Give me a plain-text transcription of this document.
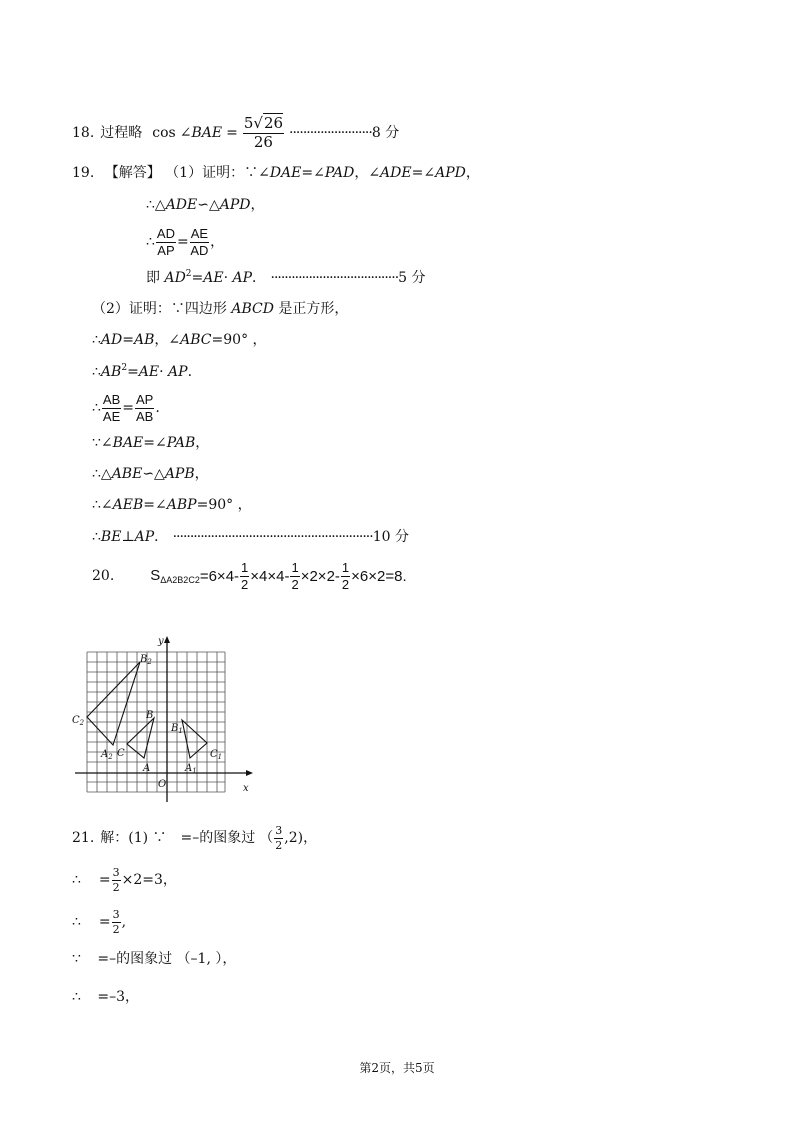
18. 过程略 cos ∠ BAE = $\frac{5√26}{26}$ ························ 8 分
19. 【解答】 （1）证明：∵∠DAE=∠PAD，∠ADE=∠APD，
∴△ADE∽△APD，
∴ $\frac{AD}{AP} = \frac{AE}{AD}$ ，
即 $AD^2=AE\cdot$ AP． ·····································5 分
（2）证明：∵四边形 ABCD 是正方形，
∴AD=AB，∠ABC=90° ，
$\therefore AB^2=AE\cdot$ AP.
∴ $\frac{AB}{AE} = \frac{AP}{AB}$ .
∵∠BAE=∠PAB，
∴△ABE∽△APB，
∴∠AEB=∠ABP=90° ，
∴BE⊥AP． ··························································10 分
20. $S_{\Delta A2B2C2} =6\times 4- \frac{1}{2} \times 4\times 4- \frac{1}{2} \times 2\times 2- \frac{1}{2} \times 6\times 2=8$.
y
x
O
$B_2$
$C_2$
$A_2$ C
B
A
$B_1$
$A_1$
$C_1$
21. 解：(1) ∵ =–的图象过 （ $\frac{3}{2} ,2$)，
∴ = $\frac{3}{2} \times 2=3$，
∴ = $\frac{3}{2}$ ,
∵ =–的图象过 （–1, ），
∴ =–3，
第2页，共5页
